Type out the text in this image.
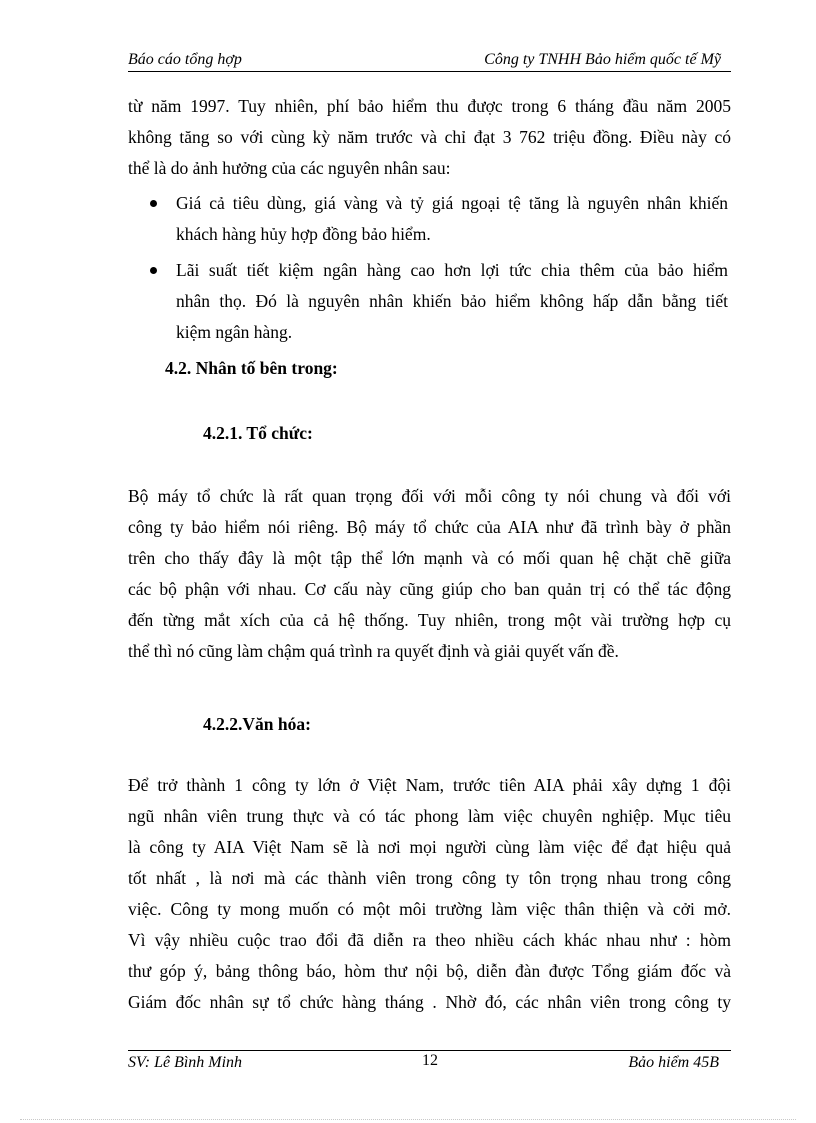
Báo cáo tổng hợp	Công ty TNHH Bảo hiểm quốc tế Mỹ
từ năm 1997. Tuy nhiên, phí bảo hiểm thu được trong 6 tháng đầu năm 2005
không tăng so với cùng kỳ năm trước và chỉ đạt 3 762 triệu đồng. Điều này có
thể là do ảnh hưởng của các nguyên nhân sau:
Giá cả tiêu dùng, giá vàng và tỷ giá ngoại tệ tăng là nguyên nhân khiến
khách hàng hủy hợp đồng bảo hiểm.
Lãi suất tiết kiệm ngân hàng cao hơn lợi tức chia thêm của bảo hiểm
nhân thọ. Đó là nguyên nhân khiến bảo hiểm không hấp dẫn bằng tiết
kiệm ngân hàng.
4.2. Nhân tố bên trong:
4.2.1. Tổ chức:
Bộ máy tổ chức là rất quan trọng đối với mỗi công ty nói chung và đối với
công ty bảo hiểm nói riêng. Bộ máy tổ chức của AIA như đã trình bày ở phần
trên cho thấy đây là một tập thể lớn mạnh và có mối quan hệ chặt chẽ giữa
các bộ phận với nhau. Cơ cấu này cũng giúp cho ban quản trị có thể tác động
đến từng mắt xích của cả hệ thống. Tuy nhiên, trong một vài trường hợp cụ
thể thì nó cũng làm chậm quá trình ra quyết định và giải quyết vấn đề.
4.2.2.Văn hóa:
Để trở thành 1 công ty lớn ở Việt Nam, trước tiên AIA phải xây dựng 1 đội
ngũ nhân viên trung thực và có tác phong làm việc chuyên nghiệp. Mục tiêu
là công ty AIA Việt Nam sẽ là nơi mọi người cùng làm việc để đạt hiệu quả
tốt nhất , là nơi mà các thành viên trong công ty tôn trọng nhau trong công
việc. Công ty mong muốn có một môi trường làm việc thân thiện và cởi mở.
Vì vậy nhiều cuộc trao đổi đã diễn ra theo nhiều cách khác nhau như : hòm
thư góp ý, bảng thông báo, hòm thư nội bộ, diễn đàn được Tổng giám đốc và
Giám đốc nhân sự tổ chức hàng tháng . Nhờ đó, các nhân viên trong công ty
SV: Lê Bình Minh	12	Bảo hiểm 45B
